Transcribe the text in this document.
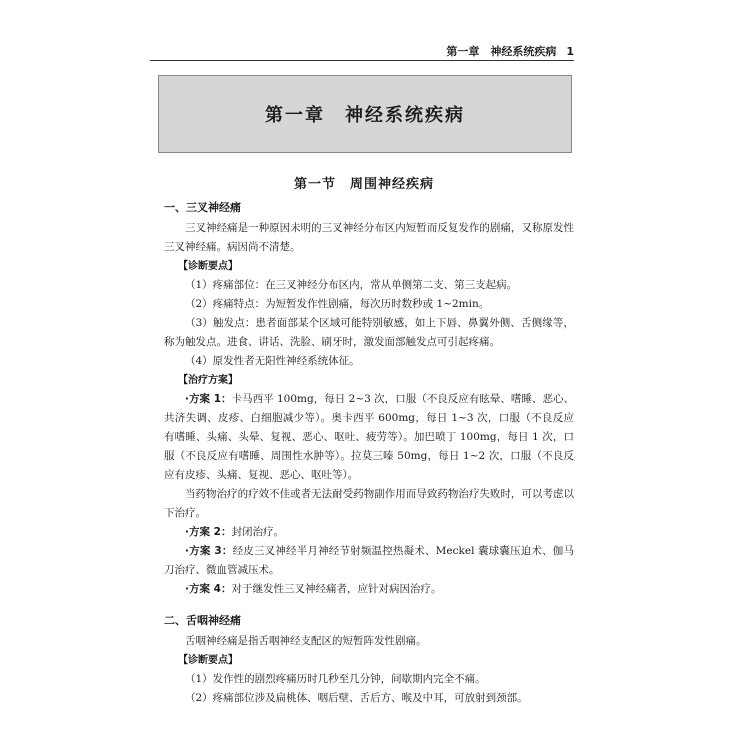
第一章　神经系统疾病 1
第一章　神经系统疾病
第一节　周围神经疾病
一、三叉神经痛
三叉神经痛是一种原因未明的三叉神经分布区内短暂而反复发作的剧痛，又称原发性三叉神经痛。病因尚不清楚。
【诊断要点】
（1）疼痛部位：在三叉神经分布区内，常从单侧第二支、第三支起病。
（2）疼痛特点：为短暂发作性剧痛，每次历时数秒或 1~2min。
（3）触发点：患者面部某个区域可能特别敏感，如上下唇、鼻翼外侧、舌侧缘等，称为触发点。进食、讲话、洗脸、刷牙时，激发面部触发点可引起疼痛。
（4）原发性者无阳性神经系统体征。
【治疗方案】
·方案 1：卡马西平 100mg，每日 2~3 次，口服（不良反应有眩晕、嗜睡、恶心、共济失调、皮疹、白细胞减少等）。奥卡西平 600mg，每日 1~3 次，口服（不良反应有嗜睡、头痛、头晕、复视、恶心、呕吐、疲劳等）。加巴喷丁 100mg，每日 1 次，口服（不良反应有嗜睡、周围性水肿等）。拉莫三嗪 50mg，每日 1~2 次，口服（不良反应有皮疹、头痛、复视、恶心、呕吐等）。
当药物治疗的疗效不佳或者无法耐受药物副作用而导致药物治疗失败时，可以考虑以下治疗。
·方案 2：封闭治疗。
·方案 3：经皮三叉神经半月神经节射频温控热凝术、Meckel 囊球囊压迫术、伽马刀治疗、微血管减压术。
·方案 4：对于继发性三叉神经痛者，应针对病因治疗。
二、舌咽神经痛
舌咽神经痛是指舌咽神经支配区的短暂阵发性剧痛。
【诊断要点】
（1）发作性的剧烈疼痛历时几秒至几分钟，间歇期内完全不痛。
（2）疼痛部位涉及扁桃体、咽后壁、舌后方、喉及中耳，可放射到颈部。
